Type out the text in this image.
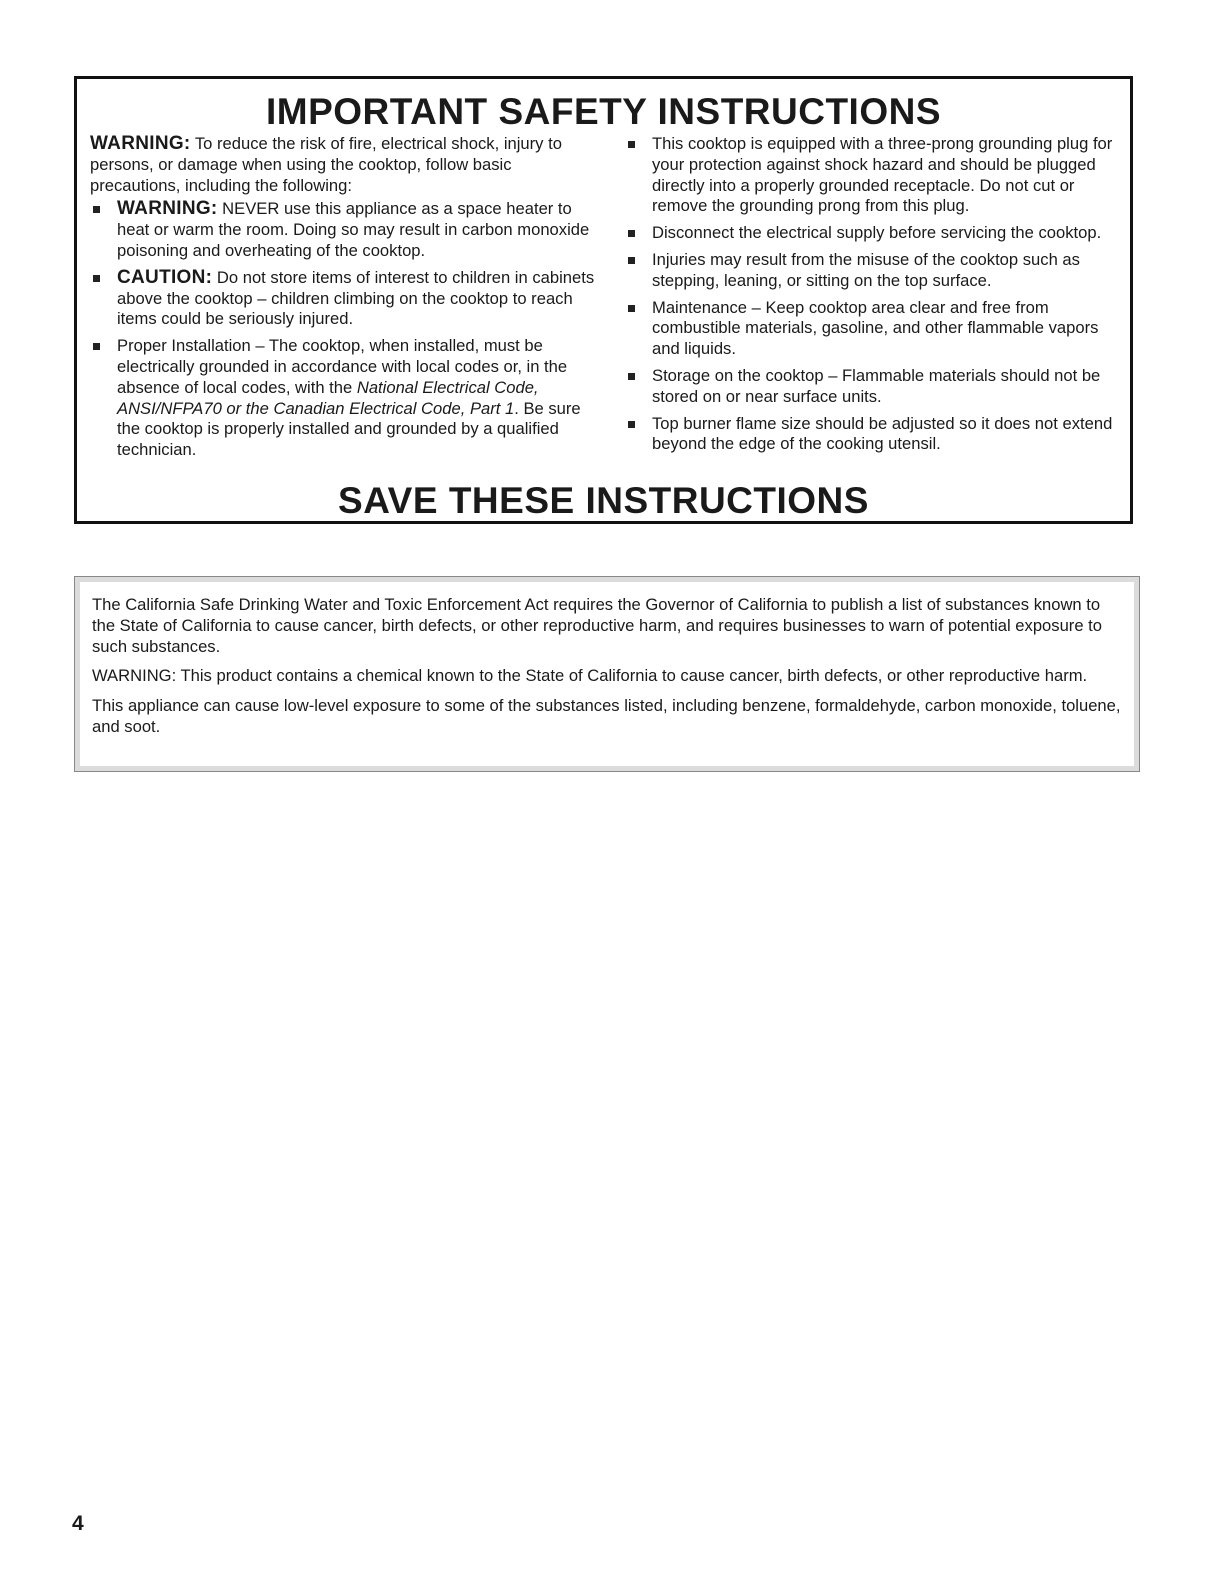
IMPORTANT SAFETY INSTRUCTIONS

WARNING: To reduce the risk of fire, electrical shock, injury to persons, or damage when using the cooktop, follow basic precautions, including the following:

WARNING: NEVER use this appliance as a space heater to heat or warm the room. Doing so may result in carbon monoxide poisoning and overheating of the cooktop.
CAUTION: Do not store items of interest to children in cabinets above the cooktop – children climbing on the cooktop to reach items could be seriously injured.
Proper Installation – The cooktop, when installed, must be electrically grounded in accordance with local codes or, in the absence of local codes, with the National Electrical Code, ANSI/NFPA70 or the Canadian Electrical Code, Part 1. Be sure the cooktop is properly installed and grounded by a qualified technician.
This cooktop is equipped with a three-prong grounding plug for your protection against shock hazard and should be plugged directly into a properly grounded receptacle. Do not cut or remove the grounding prong from this plug.
Disconnect the electrical supply before servicing the cooktop.
Injuries may result from the misuse of the cooktop such as stepping, leaning, or sitting on the top surface.
Maintenance – Keep cooktop area clear and free from combustible materials, gasoline, and other flammable vapors and liquids.
Storage on the cooktop – Flammable materials should not be stored on or near surface units.
Top burner flame size should be adjusted so it does not extend beyond the edge of the cooking utensil.
SAVE THESE INSTRUCTIONS

The California Safe Drinking Water and Toxic Enforcement Act requires the Governor of California to publish a list of substances known to the State of California to cause cancer, birth defects, or other reproductive harm, and requires businesses to warn of potential exposure to such substances.

WARNING: This product contains a chemical known to the State of California to cause cancer, birth defects, or other reproductive harm.

This appliance can cause low-level exposure to some of the substances listed, including benzene, formaldehyde, carbon monoxide, toluene, and soot.

4
